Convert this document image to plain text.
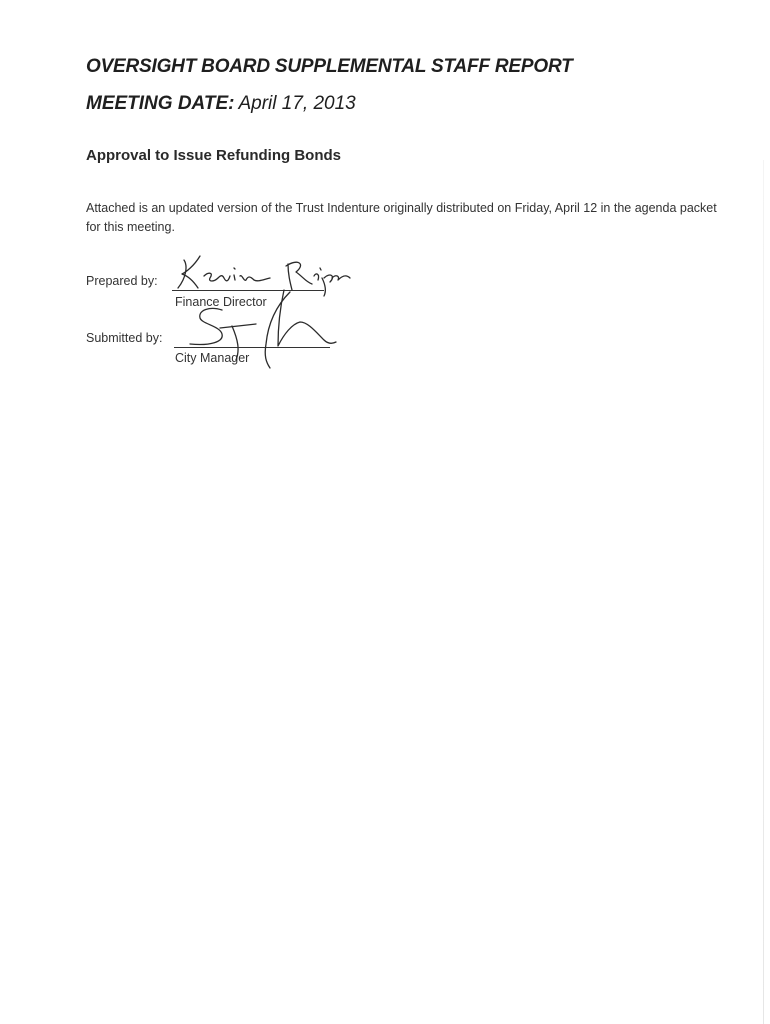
OVERSIGHT BOARD SUPPLEMENTAL STAFF REPORT
MEETING DATE: April 17, 2013
Approval to Issue Refunding Bonds
Attached is an updated version of the Trust Indenture originally distributed on Friday, April 12 in the agenda packet for this meeting.
Prepared by:
Finance Director
Submitted by:
City Manager
